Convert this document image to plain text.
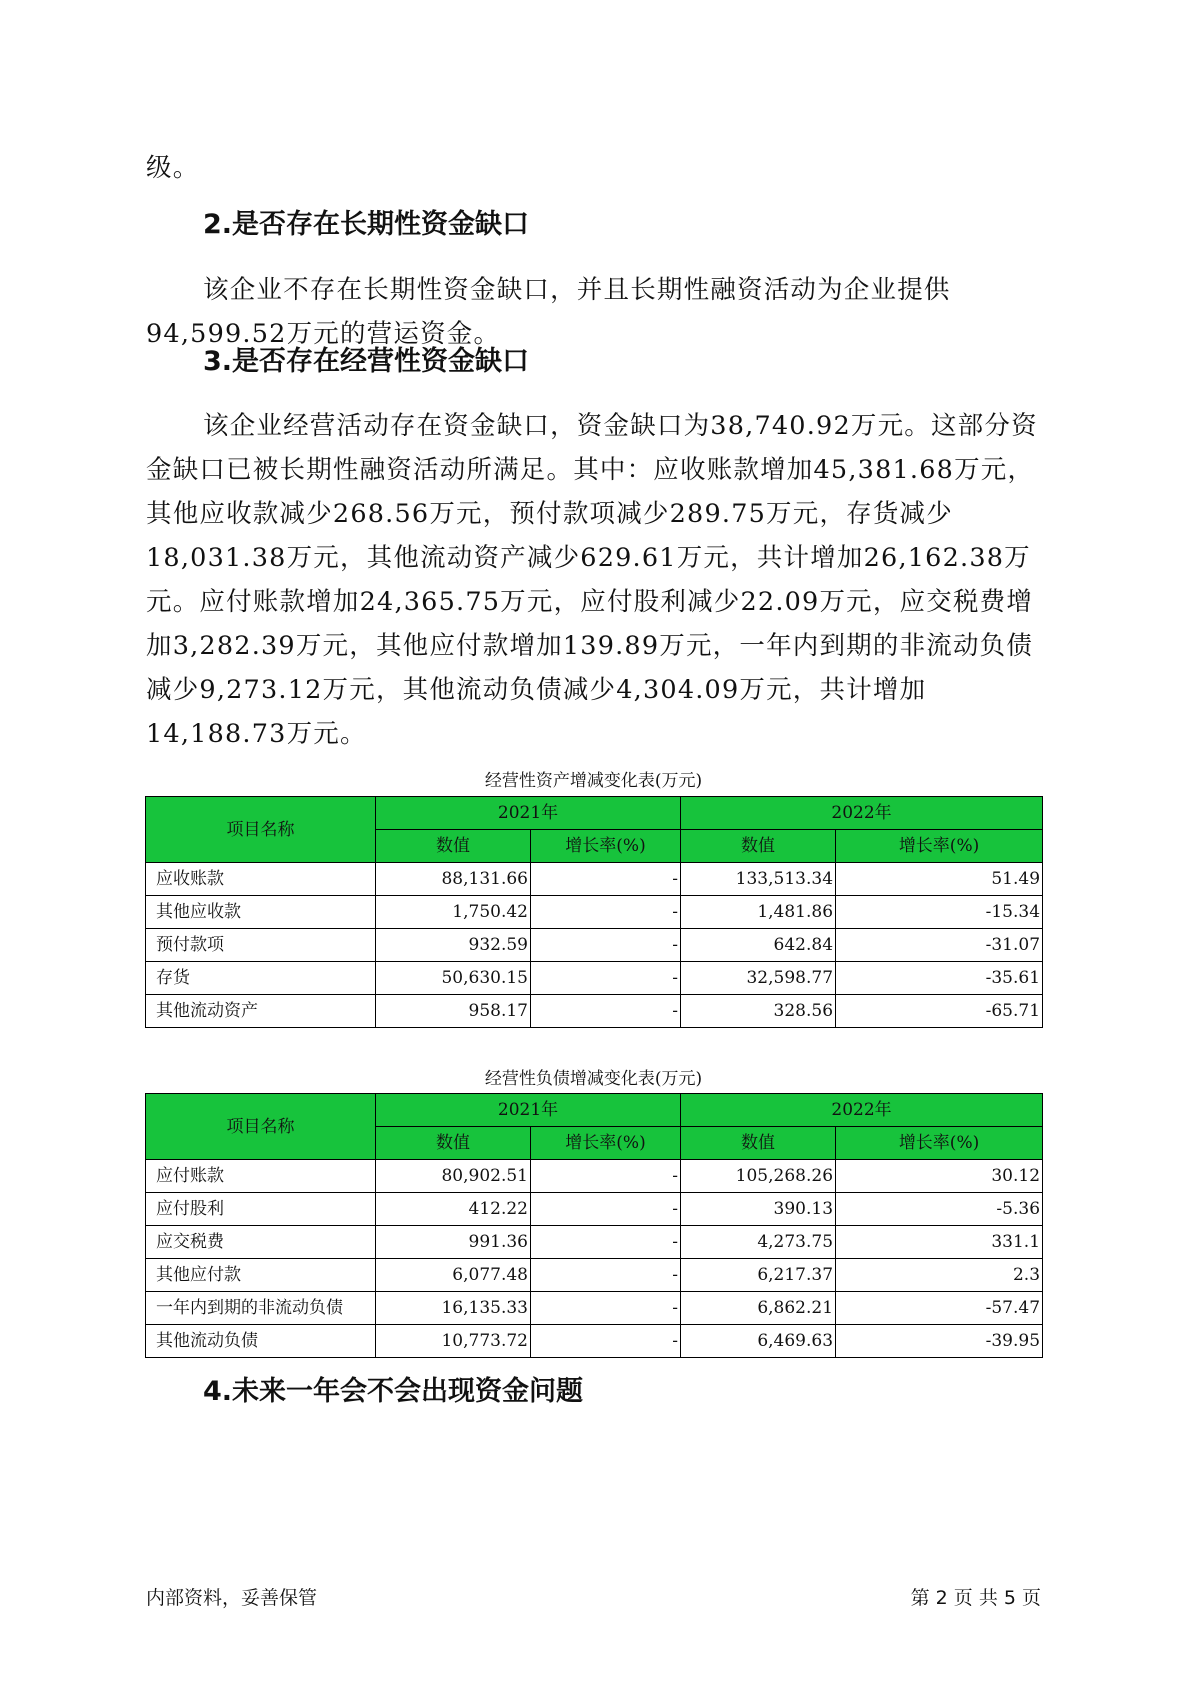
级。

2.是否存在长期性资金缺口

该企业不存在长期性资金缺口，并且长期性融资活动为企业提供94,599.52万元的营运资金。

3.是否存在经营性资金缺口

该企业经营活动存在资金缺口，资金缺口为38,740.92万元。这部分资金缺口已被长期性融资活动所满足。其中：应收账款增加45,381.68万元，其他应收款减少268.56万元，预付款项减少289.75万元，存货减少18,031.38万元，其他流动资产减少629.61万元，共计增加26,162.38万元。应付账款增加24,365.75万元，应付股利减少22.09万元，应交税费增加3,282.39万元，其他应付款增加139.89万元，一年内到期的非流动负债减少9,273.12万元，其他流动负债减少4,304.09万元，共计增加14,188.73万元。

经营性资产增减变化表(万元)

项目名称	2021年		2022年	
	数值	增长率(%)	数值	增长率(%)
应收账款	88,131.66	-	133,513.34	51.49
其他应收款	1,750.42	-	1,481.86	-15.34
预付款项	932.59	-	642.84	-31.07
存货	50,630.15	-	32,598.77	-35.61
其他流动资产	958.17	-	328.56	-65.71

经营性负债增减变化表(万元)

项目名称	2021年		2022年	
	数值	增长率(%)	数值	增长率(%)
应付账款	80,902.51	-	105,268.26	30.12
应付股利	412.22	-	390.13	-5.36
应交税费	991.36	-	4,273.75	331.1
其他应付款	6,077.48	-	6,217.37	2.3
一年内到期的非流动负债	16,135.33	-	6,862.21	-57.47
其他流动负债	10,773.72	-	6,469.63	-39.95
4.未来一年会不会出现资金问题

内部资料，妥善保管	第 2 页 共 5 页
